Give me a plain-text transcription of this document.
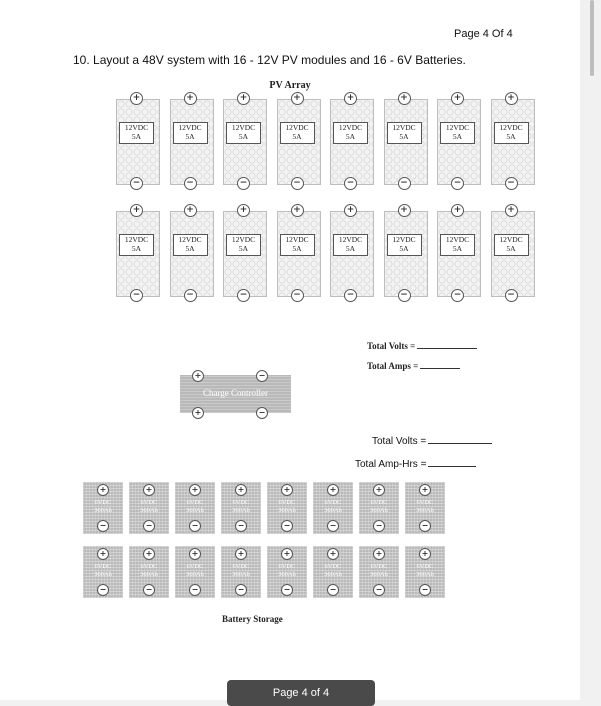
Page 4 Of 4
10. Layout a 48V system with 16 - 12V PV modules and 16 - 6V Batteries.
PV Array
+
12VDC
5A
−
+
12VDC
5A
−
+
12VDC
5A
−
+
12VDC
5A
−
+
12VDC
5A
−
+
12VDC
5A
−
+
12VDC
5A
−
+
12VDC
5A
−
+
12VDC
5A
−
+
12VDC
5A
−
+
12VDC
5A
−
+
12VDC
5A
−
+
12VDC
5A
−
+
12VDC
5A
−
+
12VDC
5A
−
+
12VDC
5A
−
Total Volts =
Total Amps =
+	−
Charge Controller
+	−
Total Volts =
Total Amp-Hrs =
+
6VDC
360Ah
−
+
6VDC
360Ah
−
+
6VDC
360Ah
−
+
6VDC
360Ah
−
+
6VDC
360Ah
−
+
6VDC
360Ah
−
+
6VDC
360Ah
−
+
6VDC
360Ah
−
+
6VDC
360Ah
−
+
6VDC
360Ah
−
+
6VDC
360Ah
−
+
6VDC
360Ah
−
+
6VDC
360Ah
−
+
6VDC
360Ah
−
+
6VDC
360Ah
−
+
6VDC
360Ah
−
Battery Storage
Page 4 of 4
